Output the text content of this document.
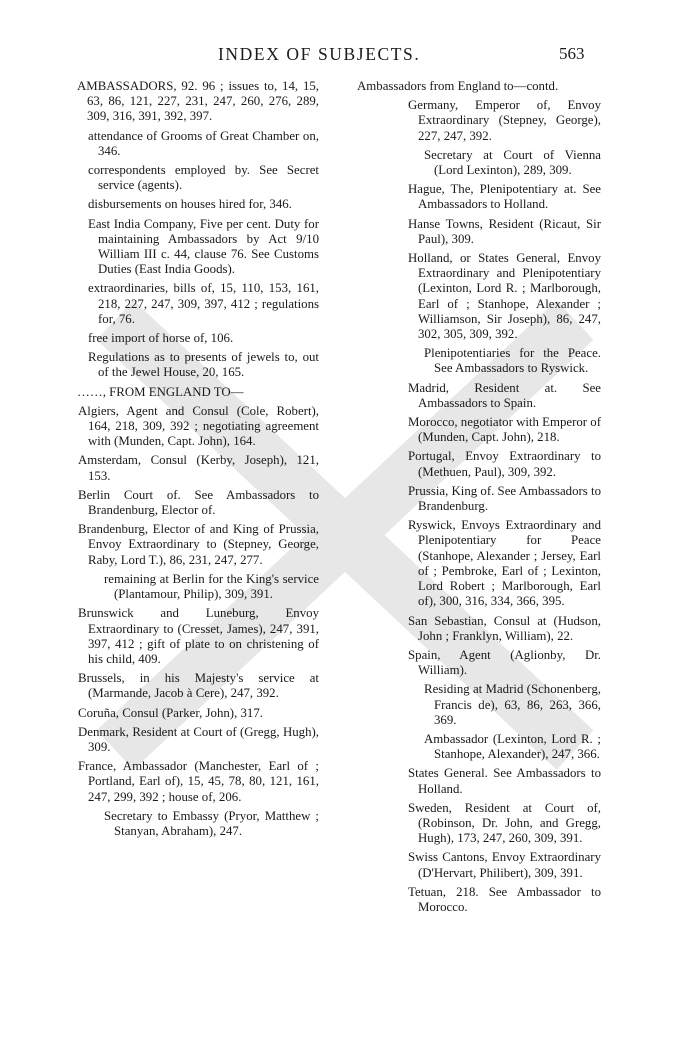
INDEX OF SUBJECTS.	563
AMBASSADORS, 92. 96 ; issues to, 14, 15, 63, 86, 121, 227, 231, 247, 260, 276, 289, 309, 316, 391, 392, 397.
attendance of Grooms of Great Chamber on, 346.
correspondents employed by. See Secret service (agents).
disbursements on houses hired for, 346.
East India Company, Five per cent. Duty for maintaining Ambassadors by Act 9/10 William III c. 44, clause 76. See Customs Duties (East India Goods).
extraordinaries, bills of, 15, 110, 153, 161, 218, 227, 247, 309, 397, 412 ; regulations for, 76.
free import of horse of, 106.
Regulations as to presents of jewels to, out of the Jewel House, 20, 165.
……, FROM ENGLAND TO—
Algiers, Agent and Consul (Cole, Robert), 164, 218, 309, 392 ; negotiating agreement with (Munden, Capt. John), 164.
Amsterdam, Consul (Kerby, Joseph), 121, 153.
Berlin Court of. See Ambassadors to Brandenburg, Elector of.
Brandenburg, Elector of and King of Prussia, Envoy Extraordinary to (Stepney, George, Raby, Lord T.), 86, 231, 247, 277.
remaining at Berlin for the King's service (Plantamour, Philip), 309, 391.
Brunswick and Luneburg, Envoy Extraordinary to (Cresset, James), 247, 391, 397, 412 ; gift of plate to on christening of his child, 409.
Brussels, in his Majesty's service at (Marmande, Jacob à Cere), 247, 392.
Coruña, Consul (Parker, John), 317.
Denmark, Resident at Court of (Gregg, Hugh), 309.
France, Ambassador (Manchester, Earl of ; Portland, Earl of), 15, 45, 78, 80, 121, 161, 247, 299, 392 ; house of, 206.
Secretary to Embassy (Pryor, Matthew ; Stanyan, Abraham), 247.
Ambassadors from England to—contd.
Germany, Emperor of, Envoy Extraordinary (Stepney, George), 227, 247, 392.
Secretary at Court of Vienna (Lord Lexinton), 289, 309.
Hague, The, Plenipotentiary at. See Ambassadors to Holland.
Hanse Towns, Resident (Ricaut, Sir Paul), 309.
Holland, or States General, Envoy Extraordinary and Plenipotentiary (Lexinton, Lord R. ; Marlborough, Earl of ; Stanhope, Alexander ; Williamson, Sir Joseph), 86, 247, 302, 305, 309, 392.
Plenipotentiaries for the Peace. See Ambassadors to Ryswick.
Madrid, Resident at. See Ambassadors to Spain.
Morocco, negotiator with Emperor of (Munden, Capt. John), 218.
Portugal, Envoy Extraordinary to (Methuen, Paul), 309, 392.
Prussia, King of. See Ambassadors to Brandenburg.
Ryswick, Envoys Extraordinary and Plenipotentiary for Peace (Stanhope, Alexander ; Jersey, Earl of ; Pembroke, Earl of ; Lexinton, Lord Robert ; Marlborough, Earl of), 300, 316, 334, 366, 395.
San Sebastian, Consul at (Hudson, John ; Franklyn, William), 22.
Spain, Agent (Aglionby, Dr. William).
Residing at Madrid (Schonenberg, Francis de), 63, 86, 263, 366, 369.
Ambassador (Lexinton, Lord R. ; Stanhope, Alexander), 247, 366.
States General. See Ambassadors to Holland.
Sweden, Resident at Court of, (Robinson, Dr. John, and Gregg, Hugh), 173, 247, 260, 309, 391.
Swiss Cantons, Envoy Extraordinary (D'Hervart, Philibert), 309, 391.
Tetuan, 218. See Ambassador to Morocco.
